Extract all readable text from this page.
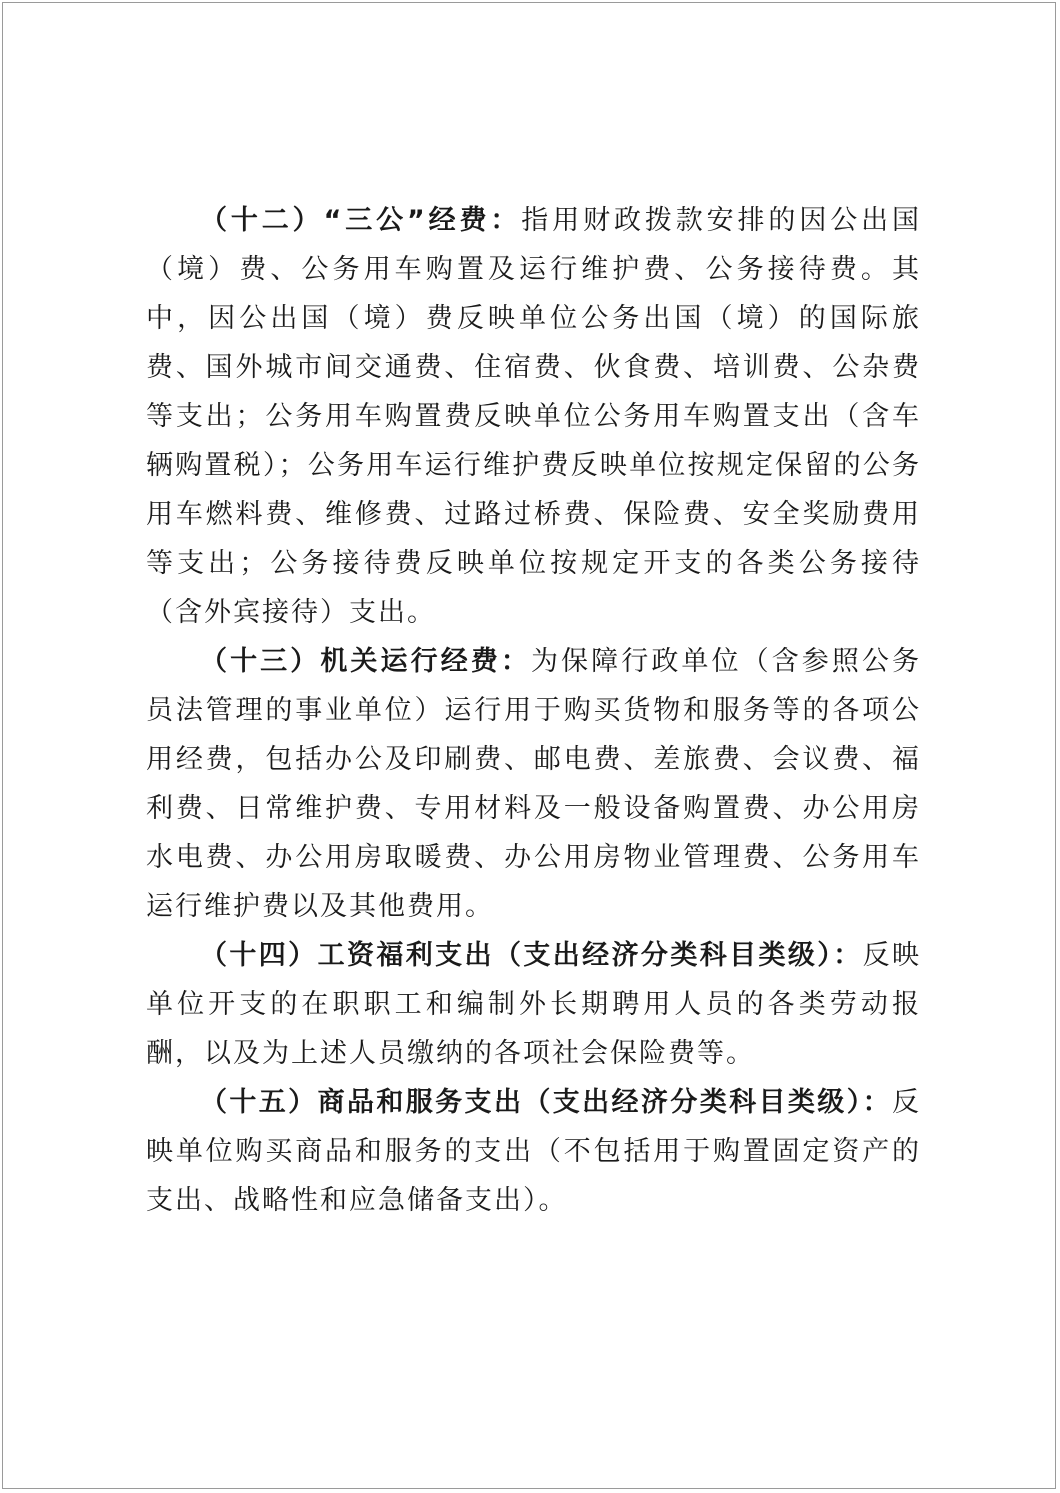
（十二）“三公”经费：指用财政拨款安排的因公出国（境）费、公务用车购置及运行维护费、公务接待费。其中，因公出国（境）费反映单位公务出国（境）的国际旅费、国外城市间交通费、住宿费、伙食费、培训费、公杂费等支出；公务用车购置费反映单位公务用车购置支出（含车辆购置税）；公务用车运行维护费反映单位按规定保留的公务用车燃料费、维修费、过路过桥费、保险费、安全奖励费用等支出；公务接待费反映单位按规定开支的各类公务接待（含外宾接待）支出。

（十三）机关运行经费：为保障行政单位（含参照公务员法管理的事业单位）运行用于购买货物和服务等的各项公用经费，包括办公及印刷费、邮电费、差旅费、会议费、福利费、日常维护费、专用材料及一般设备购置费、办公用房水电费、办公用房取暖费、办公用房物业管理费、公务用车运行维护费以及其他费用。

（十四）工资福利支出（支出经济分类科目类级）：反映单位开支的在职职工和编制外长期聘用人员的各类劳动报酬，以及为上述人员缴纳的各项社会保险费等。

（十五）商品和服务支出（支出经济分类科目类级）：反映单位购买商品和服务的支出（不包括用于购置固定资产的支出、战略性和应急储备支出）。
